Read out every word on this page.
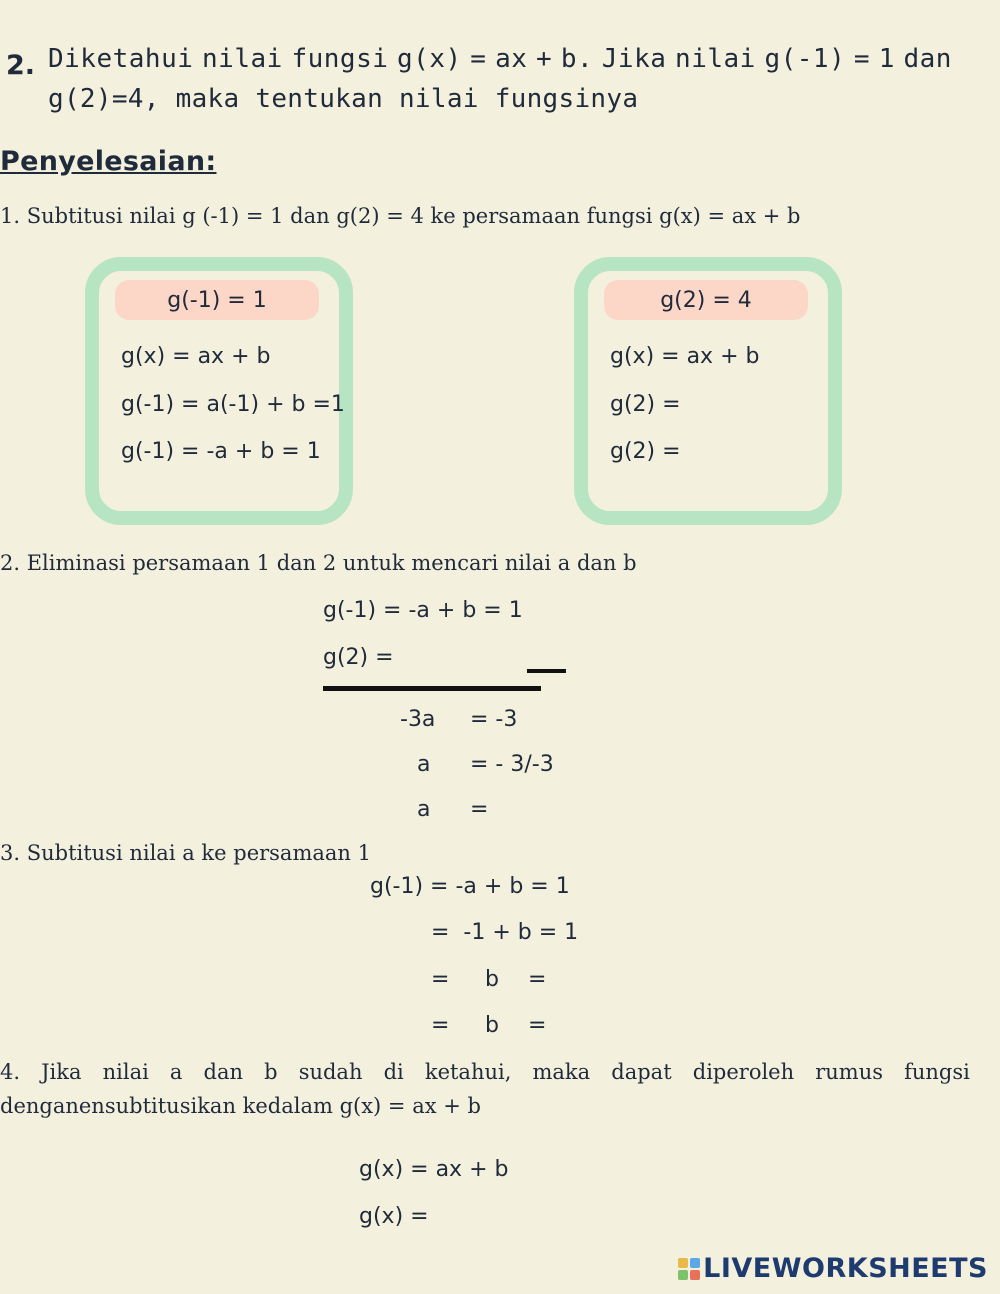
2. Diketahui nilai fungsi g(x) = ax + b. Jika nilai g(-1) = 1 dan
g(2)=4, maka tentukan nilai fungsinya
Penyelesaian:
1. Subtitusi nilai g (-1) = 1 dan g(2) = 4 ke persamaan fungsi g(x) = ax + b
g(-1) = 1
g(x) = ax + b
g(-1) = a(-1) + b =1
g(-1) = -a + b = 1
g(2) = 4
g(x) = ax + b
g(2) =
g(2) =
2. Eliminasi persamaan 1 dan 2 untuk mencari nilai a dan b
g(-1) = -a + b = 1
g(2) =
-3a = -3
a = - 3/-3
a =
3. Subtitusi nilai a ke persamaan 1
g(-1) = -a + b = 1
=  -1 + b = 1
= b =
= b =
4. Jika nilai a dan b sudah di ketahui, maka dapat diperoleh rumus fungsi
denganensubtitusikan kedalam g(x) = ax + b
g(x) = ax + b
g(x) =
LIVEWORKSHEETS
